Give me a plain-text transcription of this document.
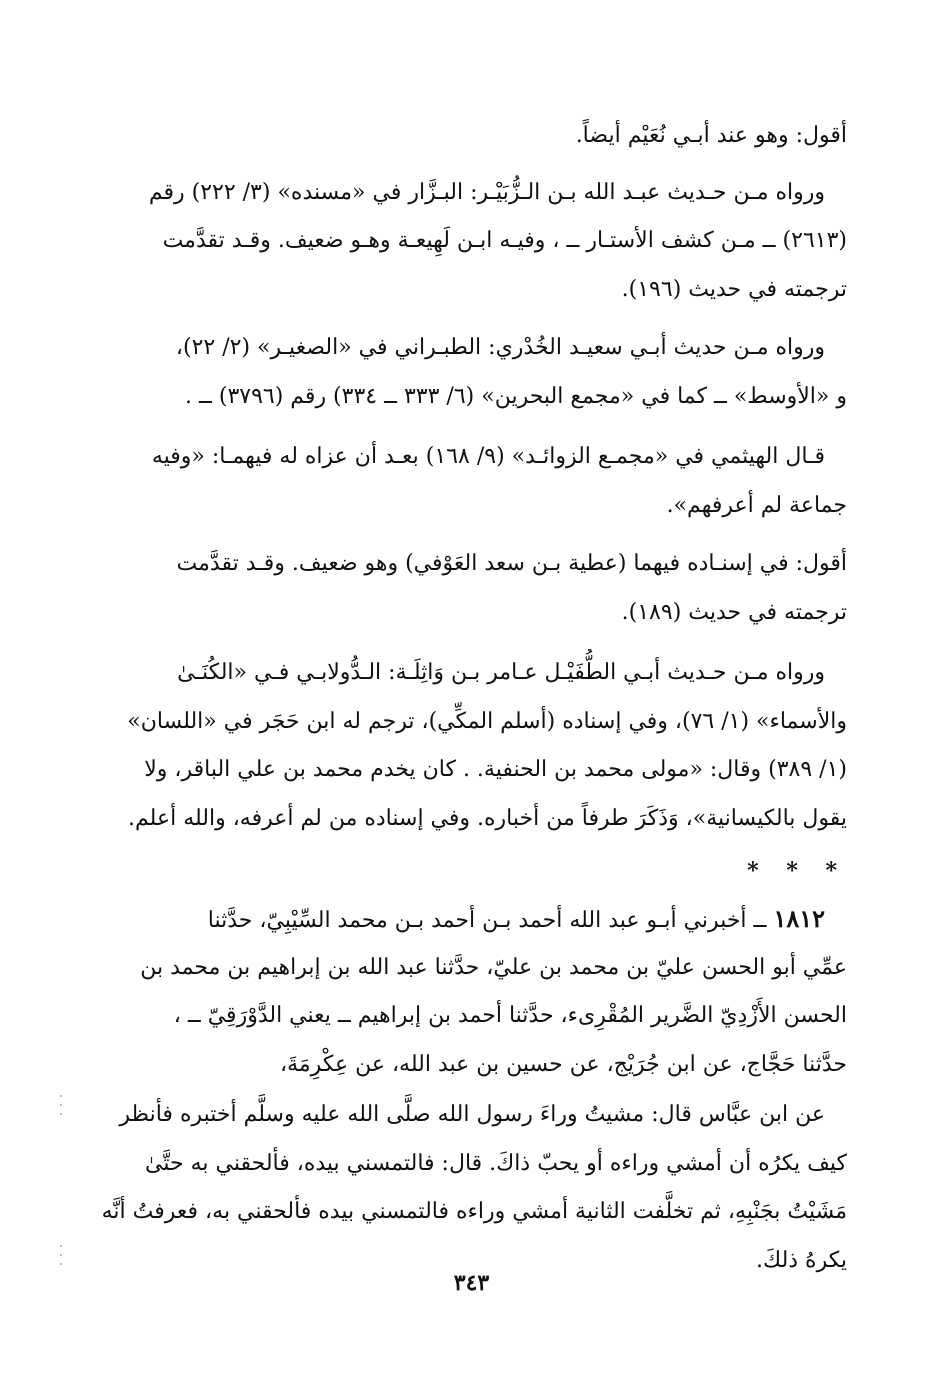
أقول: وهو عند أبـي نُعَيْم أيضاً.
ورواه مـن حـديث عبـد الله بـن الـزُّبَيْـر: البـزَّار في «مسنده» (٣/ ٢٢٢) رقم
(٢٦١٣) ــ مـن كشف الأستـار ــ ، وفيـه ابـن لَهِيعـة وهـو ضعيف. وقـد تقدَّمت
ترجمته في حديث (١٩٦).
ورواه مـن حديث أبـي سعيـد الخُدْري: الطبـراني في «الصغيـر» (٢/ ٢٢)،
و «الأوسط» ــ كما في «مجمع البحرين» (٦/ ٣٣٣ ــ ٣٣٤) رقم (٣٧٩٦) ــ .
قـال الهيثمي في «مجمـع الزوائـد» (٩/ ١٦٨) بعـد أن عزاه له فيهمـا: «وفيه
جماعة لم أعرفهم».
أقول: في إسنـاده فيهما (عطية بـن سعد العَوْفي) وهو ضعيف. وقـد تقدَّمت
ترجمته في حديث (١٨٩).
ورواه مـن حـديث أبـي الطُّفَيْـل عـامر بـن وَاثِلَـة: الـدُّولابـي فـي «الكُنَـىٰ
والأسماء» (١/ ٧٦)، وفي إسناده (أسلم المكِّي)، ترجم له ابن حَجَر في «اللسان»
(١/ ٣٨٩) وقال: «مولى محمد بن الحنفية. . كان يخدم محمد بن علي الباقر، ولا
يقول بالكيسانية»، وَذَكَرَ طرفاً من أخباره. وفي إسناده من لم أعرفه، والله أعلم.
* * *
١٨١٢ ــ أخبرني أبـو عبد الله أحمد بـن أحمد بـن محمد السِّيْبِيّ، حدَّثنا
عمِّي أبو الحسن عليّ بن محمد بن عليّ، حدَّثنا عبد الله بن إبراهيم بن محمد بن
الحسن الأَزْدِيّ الضَّرير المُقْرِىء، حدَّثنا أحمد بن إبراهيم ــ يعني الدَّوْرَقِيّ ــ ،
حدَّثنا حَجَّاج، عن ابن جُرَيْج، عن حسين بن عبد الله، عن عِكْرِمَةَ،
عن ابن عبَّاس قال: مشيتُ وراءَ رسول الله صلَّى الله عليه وسلَّم أختبره فأنظر
كيف يكرُه أن أمشي وراءه أو يحبّ ذاكَ. قال: فالتمسني بيده، فألحقني به حتَّىٰ
مَشَيْتُ بجَنْبِهِ، ثم تخلَّفت الثانية أمشي وراءه فالتمسني بيده فألحقني به، فعرفتُ أنَّه
يكرهُ ذلكَ.
٣٤٣
